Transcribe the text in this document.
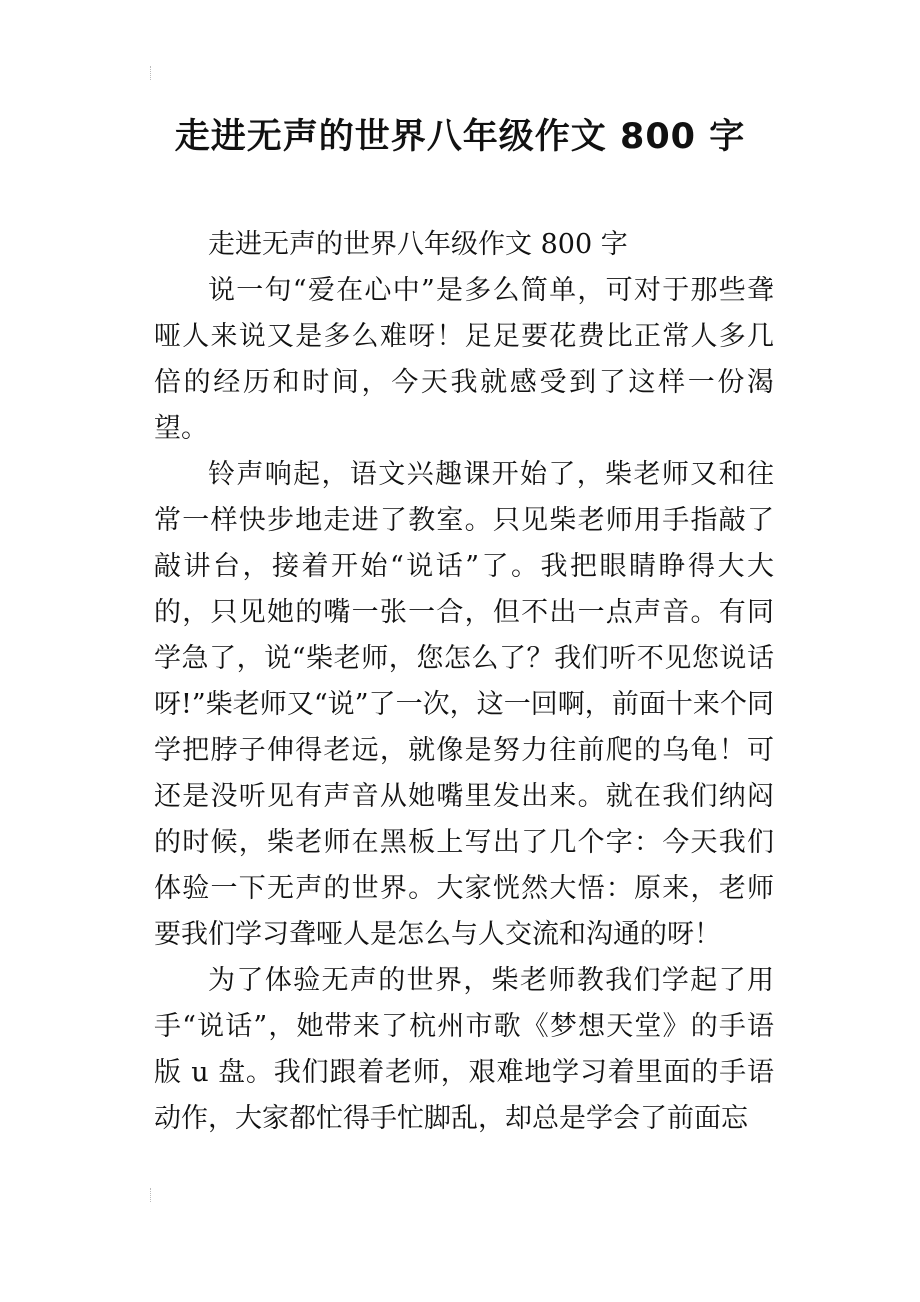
走进无声的世界八年级作文 800 字

走进无声的世界八年级作文 800 字

说一句“爱在心中”是多么简单，可对于那些聋哑人来说又是多么难呀！足足要花费比正常人多几倍的经历和时间，今天我就感受到了这样一份渴望。

铃声响起，语文兴趣课开始了，柴老师又和往常一样快步地走进了教室。只见柴老师用手指敲了敲讲台，接着开始“说话”了。我把眼睛睁得大大的，只见她的嘴一张一合，但不出一点声音。有同学急了，说“柴老师，您怎么了？我们听不见您说话呀!”柴老师又“说”了一次，这一回啊，前面十来个同学把脖子伸得老远，就像是努力往前爬的乌龟！可还是没听见有声音从她嘴里发出来。就在我们纳闷的时候，柴老师在黑板上写出了几个字：今天我们体验一下无声的世界。大家恍然大悟：原来，老师要我们学习聋哑人是怎么与人交流和沟通的呀！

为了体验无声的世界，柴老师教我们学起了用手“说话”，她带来了杭州市歌《梦想天堂》的手语版 u 盘。我们跟着老师，艰难地学习着里面的手语动作，大家都忙得手忙脚乱，却总是学会了前面忘
